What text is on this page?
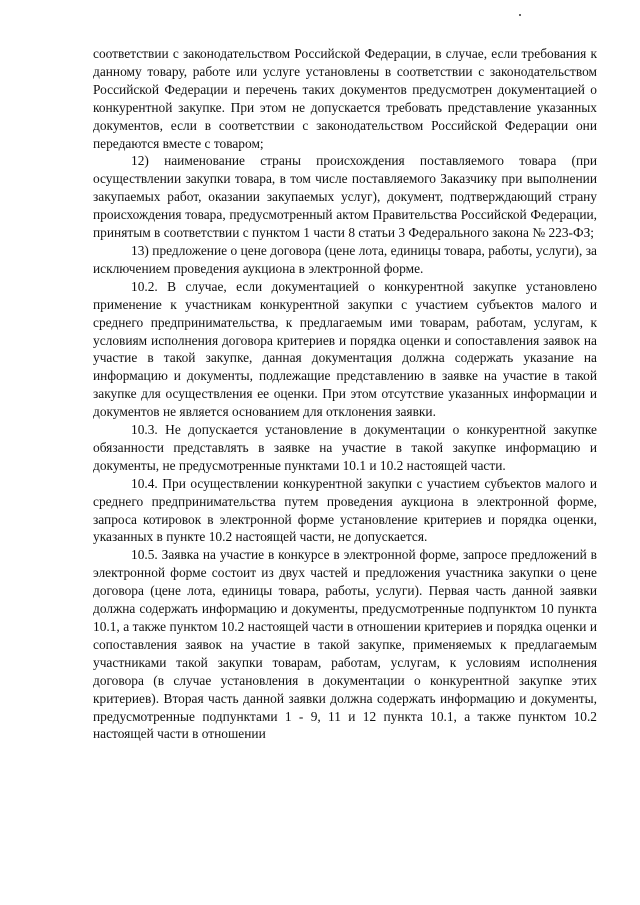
соответствии с законодательством Российской Федерации, в случае, если требования к данному товару, работе или услуге установлены в соответствии с законодательством Российской Федерации и перечень таких документов предусмотрен документацией о конкурентной закупке. При этом не допускается требовать представление указанных документов, если в соответствии с законодательством Российской Федерации они передаются вместе с товаром;

12) наименование страны происхождения поставляемого товара (при осуществлении закупки товара, в том числе поставляемого Заказчику при выполнении закупаемых работ, оказании закупаемых услуг), документ, подтверждающий страну происхождения товара, предусмотренный актом Правительства Российской Федерации, принятым в соответствии с пунктом 1 части 8 статьи 3 Федерального закона № 223-ФЗ;

13) предложение о цене договора (цене лота, единицы товара, работы, услуги), за исключением проведения аукциона в электронной форме.

10.2. В случае, если документацией о конкурентной закупке установлено применение к участникам конкурентной закупки с участием субъектов малого и среднего предпринимательства, к предлагаемым ими товарам, работам, услугам, к условиям исполнения договора критериев и порядка оценки и сопоставления заявок на участие в такой закупке, данная документация должна содержать указание на информацию и документы, подлежащие представлению в заявке на участие в такой закупке для осуществления ее оценки. При этом отсутствие указанных информации и документов не является основанием для отклонения заявки.

10.3. Не допускается установление в документации о конкурентной закупке обязанности представлять в заявке на участие в такой закупке информацию и документы, не предусмотренные пунктами 10.1 и 10.2 настоящей части.

10.4. При осуществлении конкурентной закупки с участием субъектов малого и среднего предпринимательства путем проведения аукциона в электронной форме, запроса котировок в электронной форме установление критериев и порядка оценки, указанных в пункте 10.2 настоящей части, не допускается.

10.5. Заявка на участие в конкурсе в электронной форме, запросе предложений в электронной форме состоит из двух частей и предложения участника закупки о цене договора (цене лота, единицы товара, работы, услуги). Первая часть данной заявки должна содержать информацию и документы, предусмотренные подпунктом 10 пункта 10.1, а также пунктом 10.2 настоящей части в отношении критериев и порядка оценки и сопоставления заявок на участие в такой закупке, применяемых к предлагаемым участниками такой закупки товарам, работам, услугам, к условиям исполнения договора (в случае установления в документации о конкурентной закупке этих критериев). Вторая часть данной заявки должна содержать информацию и документы, предусмотренные подпунктами 1 - 9, 11 и 12 пункта 10.1, а также пунктом 10.2 настоящей части в отношении
